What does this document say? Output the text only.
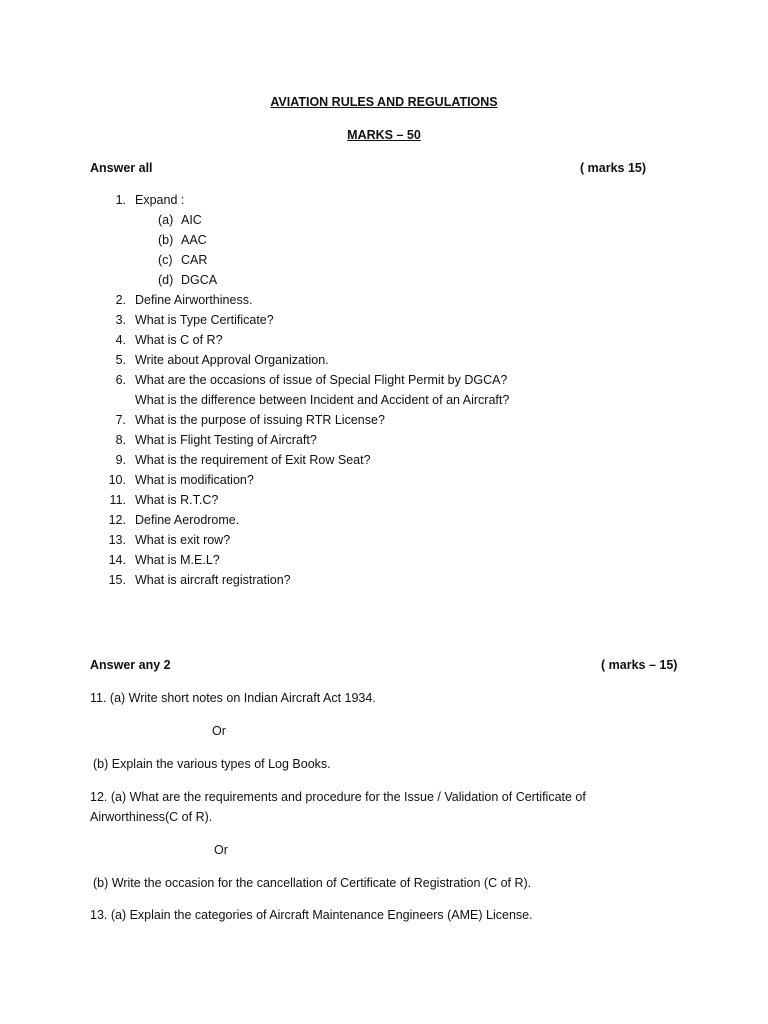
AVIATION RULES AND REGULATIONS
MARKS – 50
Answer all	( marks 15)
1. Expand :
(a) AIC
(b) AAC
(c) CAR
(d) DGCA
2. Define Airworthiness.
3. What is Type Certificate?
4. What is C of R?
5. Write about Approval Organization.
6. What are the occasions of issue of Special Flight Permit by DGCA?
What is the difference between Incident and Accident of an Aircraft?
7. What is the purpose of issuing RTR License?
8. What is Flight Testing of Aircraft?
9. What is the requirement of Exit Row Seat?
10. What is modification?
11. What is R.T.C?
12. Define Aerodrome.
13. What is exit row?
14. What is M.E.L?
15. What is aircraft registration?
Answer any 2	( marks – 15)
11. (a) Write short notes on Indian Aircraft Act 1934.
Or
(b) Explain the various types of Log Books.
12. (a) What are the requirements and procedure for the Issue / Validation of Certificate of
Airworthiness(C of R).
Or
(b) Write the occasion for the cancellation of Certificate of Registration (C of R).
13. (a) Explain the categories of Aircraft Maintenance Engineers (AME) License.
